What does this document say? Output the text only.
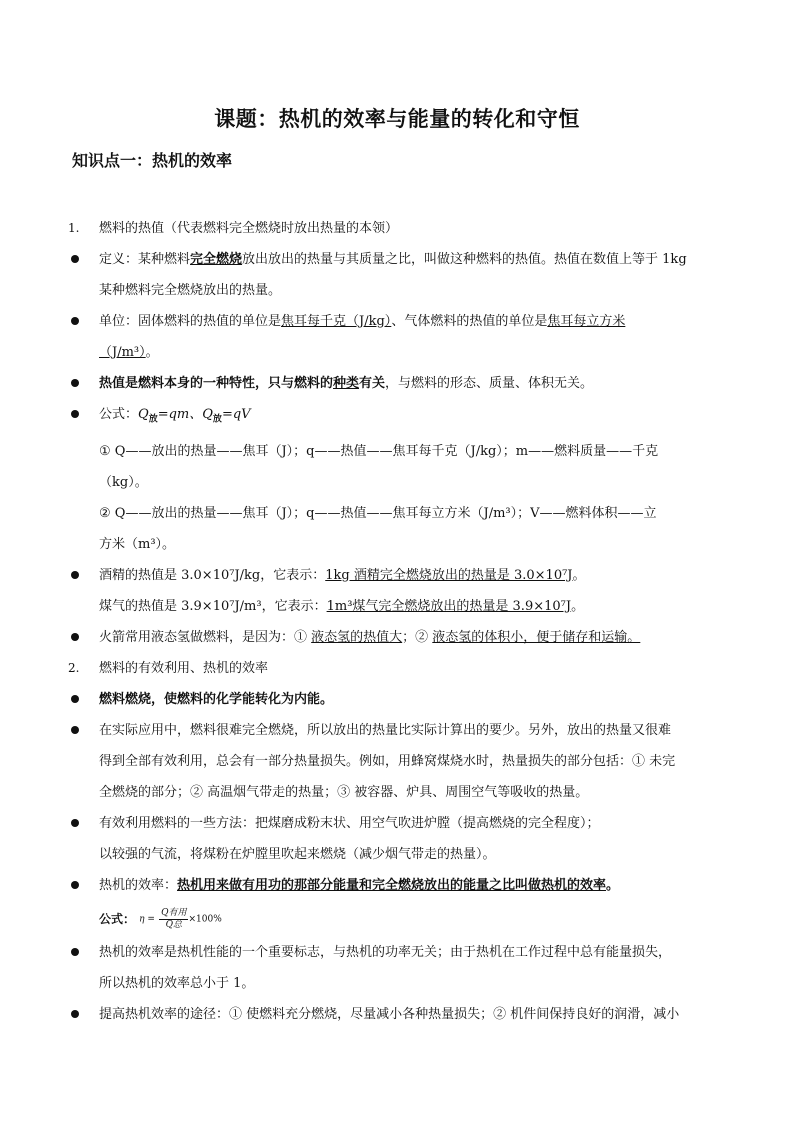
课题：热机的效率与能量的转化和守恒
知识点一：热机的效率
1.	燃料的热值（代表燃料完全燃烧时放出热量的本领）
定义：某种燃料完全燃烧放出放出的热量与其质量之比，叫做这种燃料的热值。热值在数值上等于 1kg
某种燃料完全燃烧放出的热量。
单位：固体燃料的热值的单位是焦耳每千克（J/kg）、气体燃料的热值的单位是焦耳每立方米
（J/m³）。
热值是燃料本身的一种特性，只与燃料的种类有关，与燃料的形态、质量、体积无关。
公式：$Q_放=qm$、$Q_放=qV$
① Q——放出的热量——焦耳（J）；q——热值——焦耳每千克（J/kg）；m——燃料质量——千克
（kg）。
② Q——放出的热量——焦耳（J）；q——热值——焦耳每立方米（J/m³）；V——燃料体积——立
方米（m³）。
酒精的热值是 3.0×10⁷J/kg，它表示：1kg 酒精完全燃烧放出的热量是 3.0×10⁷J。
煤气的热值是 3.9×10⁷J/m³，它表示：1m³煤气完全燃烧放出的热量是 3.9×10⁷J。
火箭常用液态氢做燃料，是因为：① 液态氢的热值大；② 液态氢的体积小，便于储存和运输。
2.	燃料的有效利用、热机的效率
燃料燃烧，使燃料的化学能转化为内能。
在实际应用中，燃料很难完全燃烧，所以放出的热量比实际计算出的要少。另外，放出的热量又很难
得到全部有效利用，总会有一部分热量损失。例如，用蜂窝煤烧水时，热量损失的部分包括：① 未完
全燃烧的部分；② 高温烟气带走的热量；③ 被容器、炉具、周围空气等吸收的热量。
有效利用燃料的一些方法：把煤磨成粉末状、用空气吹进炉膛（提高燃烧的完全程度）；
以较强的气流，将煤粉在炉膛里吹起来燃烧（减少烟气带走的热量）。
热机的效率：热机用来做有用功的那部分能量和完全燃烧放出的能量之比叫做热机的效率。
公式： $\eta = \frac{\text{Q有用}}{\text{Q总}} \times 100\%$
热机的效率是热机性能的一个重要标志，与热机的功率无关；由于热机在工作过程中总有能量损失，
所以热机的效率总小于 1。
提高热机效率的途径：① 使燃料充分燃烧，尽量减小各种热量损失；② 机件间保持良好的润滑，减小
